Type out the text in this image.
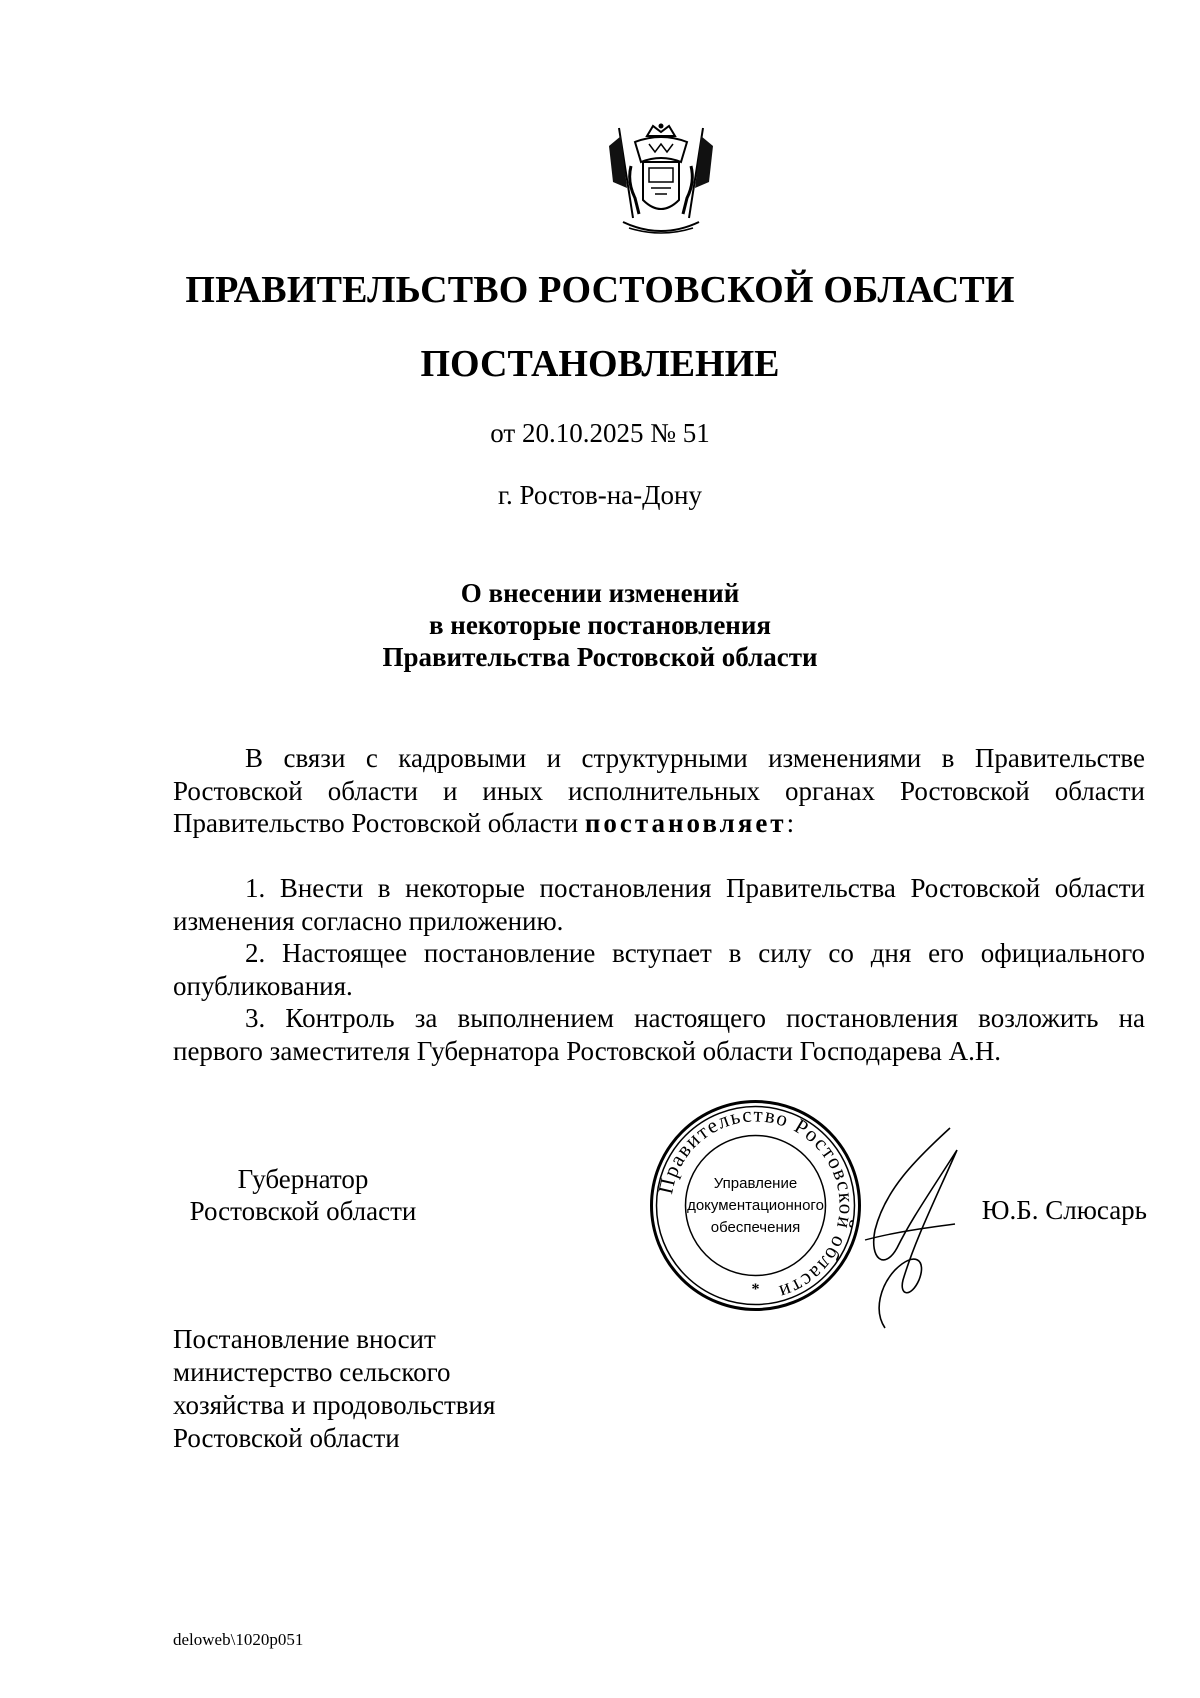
ПРАВИТЕЛЬСТВО РОСТОВСКОЙ ОБЛАСТИ
ПОСТАНОВЛЕНИЕ
от 20.10.2025 № 51
г. Ростов-на-Дону
О внесении изменений
в некоторые постановления
Правительства Ростовской области

В связи с кадровыми и структурными изменениями в Правительстве Ростовской области и иных исполнительных органах Ростовской области Правительство Ростовской области постановляет:

1. Внести в некоторые постановления Правительства Ростовской области изменения согласно приложению.

2. Настоящее постановление вступает в силу со дня его официального опубликования.

3. Контроль за выполнением настоящего постановления возложить на первого заместителя Губернатора Ростовской области Господарева А.Н.

Губернатор
Ростовской области
Правительство Ростовской области
Управление
документационного
обеспечения
*
Ю.Б. Слюсарь
Постановление вносит
министерство сельского
хозяйства и продовольствия
Ростовской области
deloweb\1020p051
